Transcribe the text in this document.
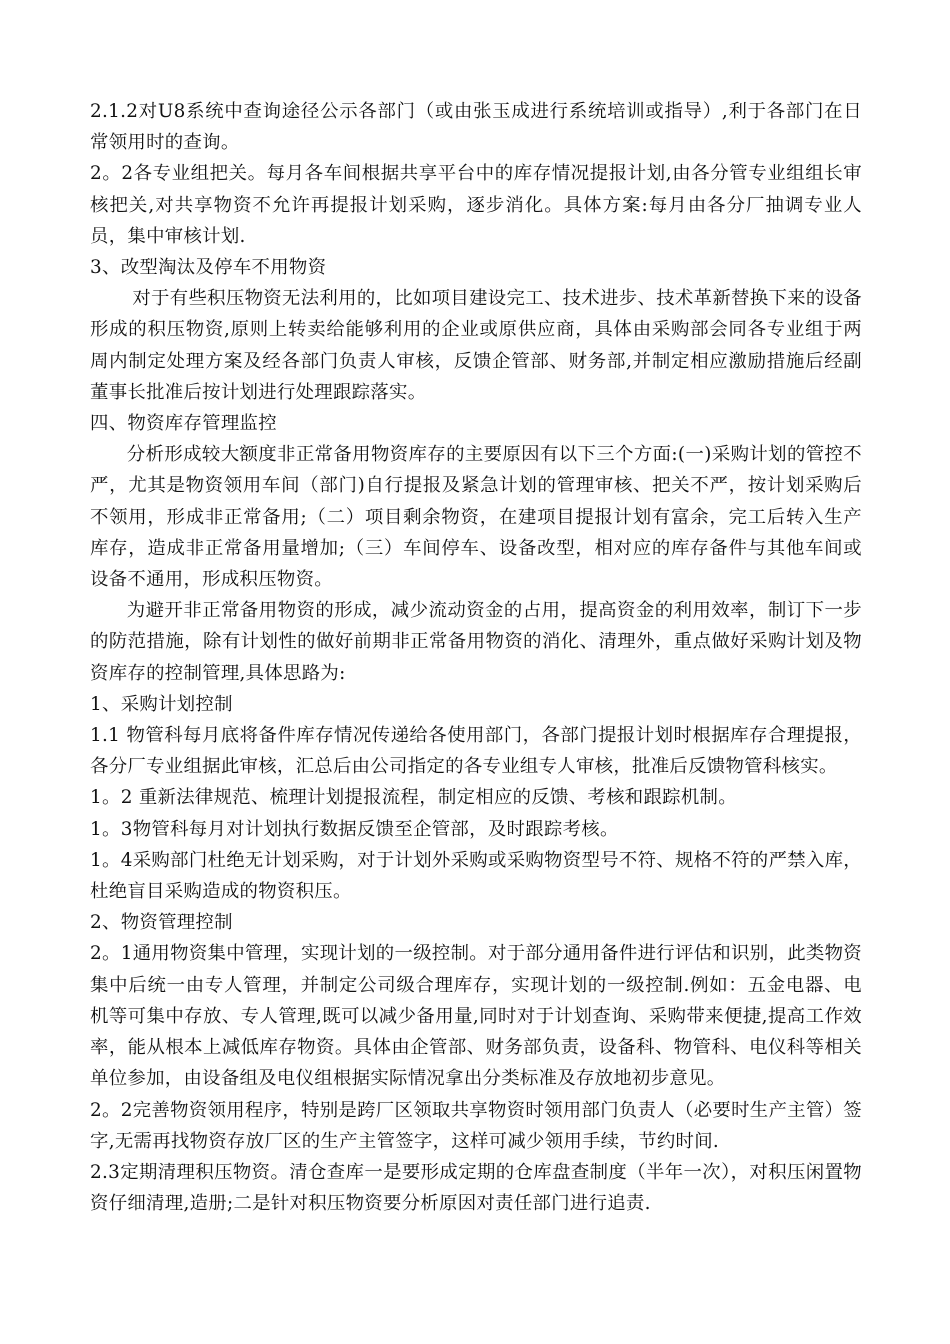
2.1.2对U8系统中查询途径公示各部门（或由张玉成进行系统培训或指导）,利于各部门在日常领用时的查询。

2。2各专业组把关。每月各车间根据共享平台中的库存情况提报计划,由各分管专业组组长审核把关,对共享物资不允许再提报计划采购，逐步消化。具体方案:每月由各分厂抽调专业人员，集中审核计划.

3、改型淘汰及停车不用物资

对于有些积压物资无法利用的，比如项目建设完工、技术进步、技术革新替换下来的设备形成的积压物资,原则上转卖给能够利用的企业或原供应商，具体由采购部会同各专业组于两周内制定处理方案及经各部门负责人审核，反馈企管部、财务部,并制定相应激励措施后经副董事长批准后按计划进行处理跟踪落实。

四、物资库存管理监控

分析形成较大额度非正常备用物资库存的主要原因有以下三个方面:(一)采购计划的管控不严，尤其是物资领用车间（部门)自行提报及紧急计划的管理审核、把关不严，按计划采购后不领用，形成非正常备用;（二）项目剩余物资，在建项目提报计划有富余，完工后转入生产库存，造成非正常备用量增加;（三）车间停车、设备改型，相对应的库存备件与其他车间或设备不通用，形成积压物资。

为避开非正常备用物资的形成，减少流动资金的占用，提高资金的利用效率，制订下一步的防范措施，除有计划性的做好前期非正常备用物资的消化、清理外，重点做好采购计划及物资库存的控制管理,具体思路为:

1、采购计划控制

1.1 物管科每月底将备件库存情况传递给各使用部门，各部门提报计划时根据库存合理提报，各分厂专业组据此审核，汇总后由公司指定的各专业组专人审核，批准后反馈物管科核实。

1。2 重新法律规范、梳理计划提报流程，制定相应的反馈、考核和跟踪机制。

1。3物管科每月对计划执行数据反馈至企管部，及时跟踪考核。

1。4采购部门杜绝无计划采购，对于计划外采购或采购物资型号不符、规格不符的严禁入库，杜绝盲目采购造成的物资积压。

2、物资管理控制

2。1通用物资集中管理，实现计划的一级控制。对于部分通用备件进行评估和识别，此类物资集中后统一由专人管理，并制定公司级合理库存，实现计划的一级控制.例如：五金电器、电机等可集中存放、专人管理,既可以减少备用量,同时对于计划查询、采购带来便捷,提高工作效率，能从根本上减低库存物资。具体由企管部、财务部负责，设备科、物管科、电仪科等相关单位参加，由设备组及电仪组根据实际情况拿出分类标准及存放地初步意见。

2。2完善物资领用程序，特别是跨厂区领取共享物资时领用部门负责人（必要时生产主管）签字,无需再找物资存放厂区的生产主管签字，这样可减少领用手续，节约时间.

2.3定期清理积压物资。清仓查库一是要形成定期的仓库盘查制度（半年一次），对积压闲置物资仔细清理,造册;二是针对积压物资要分析原因对责任部门进行追责.
